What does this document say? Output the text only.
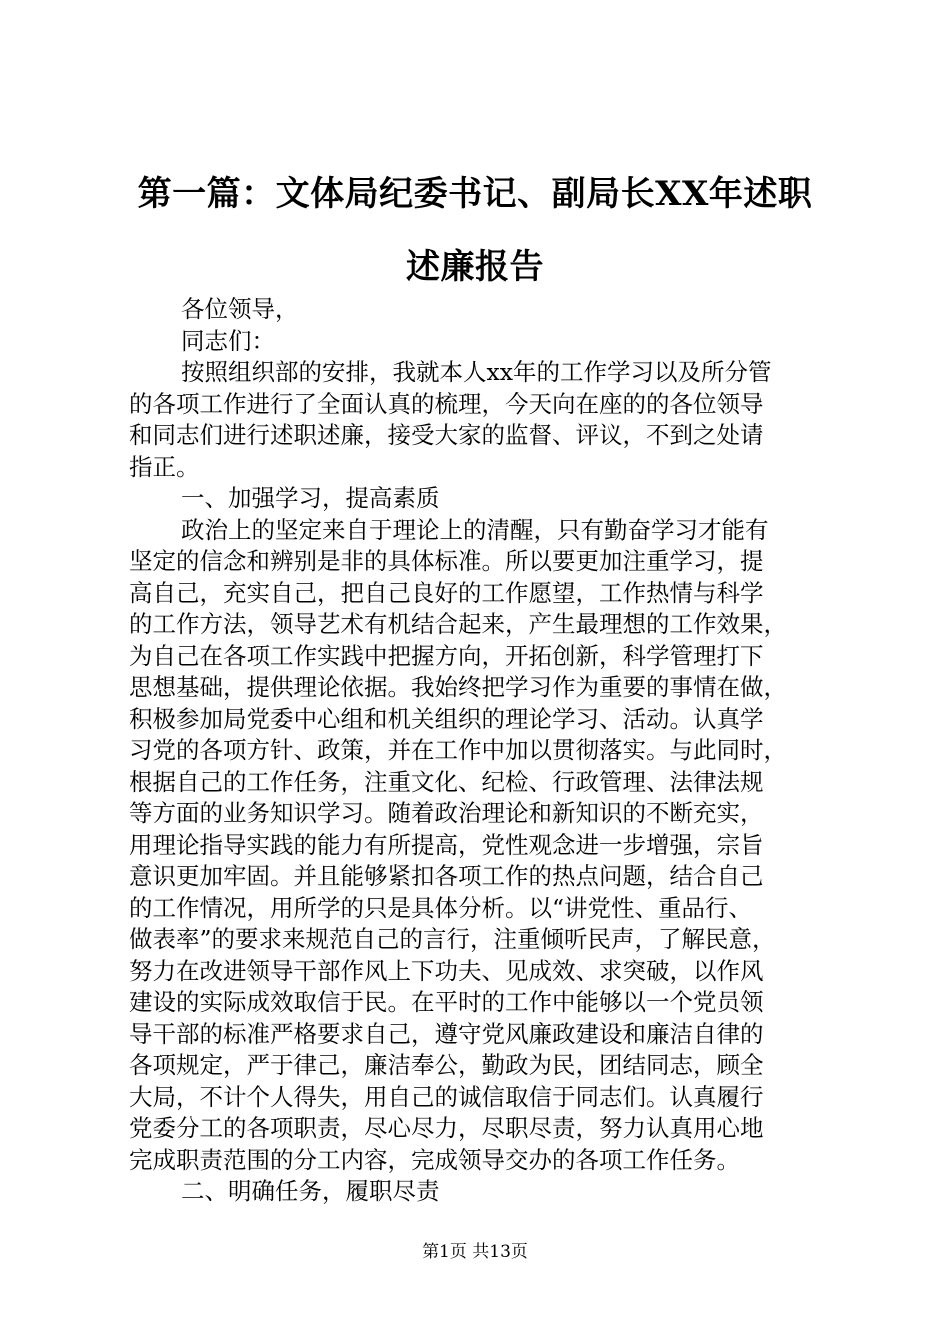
第一篇：文体局纪委书记、副局长XX年述职
述廉报告
各位领导，
同志们：
按照组织部的安排，我就本人xx年的工作学习以及所分管
的各项工作进行了全面认真的梳理，今天向在座的的各位领导
和同志们进行述职述廉，接受大家的监督、评议，不到之处请
指正。
一、加强学习，提高素质
政治上的坚定来自于理论上的清醒，只有勤奋学习才能有
坚定的信念和辨别是非的具体标准。所以要更加注重学习，提
高自己，充实自己，把自己良好的工作愿望，工作热情与科学
的工作方法，领导艺术有机结合起来，产生最理想的工作效果，
为自己在各项工作实践中把握方向，开拓创新，科学管理打下
思想基础，提供理论依据。我始终把学习作为重要的事情在做，
积极参加局党委中心组和机关组织的理论学习、活动。认真学
习党的各项方针、政策，并在工作中加以贯彻落实。与此同时，
根据自己的工作任务，注重文化、纪检、行政管理、法律法规
等方面的业务知识学习。随着政治理论和新知识的不断充实，
用理论指导实践的能力有所提高，党性观念进一步增强，宗旨
意识更加牢固。并且能够紧扣各项工作的热点问题，结合自己
的工作情况，用所学的只是具体分析。以“讲党性、重品行、
做表率”的要求来规范自己的言行，注重倾听民声，了解民意，
努力在改进领导干部作风上下功夫、见成效、求突破，以作风
建设的实际成效取信于民。在平时的工作中能够以一个党员领
导干部的标准严格要求自己，遵守党风廉政建设和廉洁自律的
各项规定，严于律己，廉洁奉公，勤政为民，团结同志，顾全
大局，不计个人得失，用自己的诚信取信于同志们。认真履行
党委分工的各项职责，尽心尽力，尽职尽责，努力认真用心地
完成职责范围的分工内容，完成领导交办的各项工作任务。
二、明确任务，履职尽责
第1页 共13页
